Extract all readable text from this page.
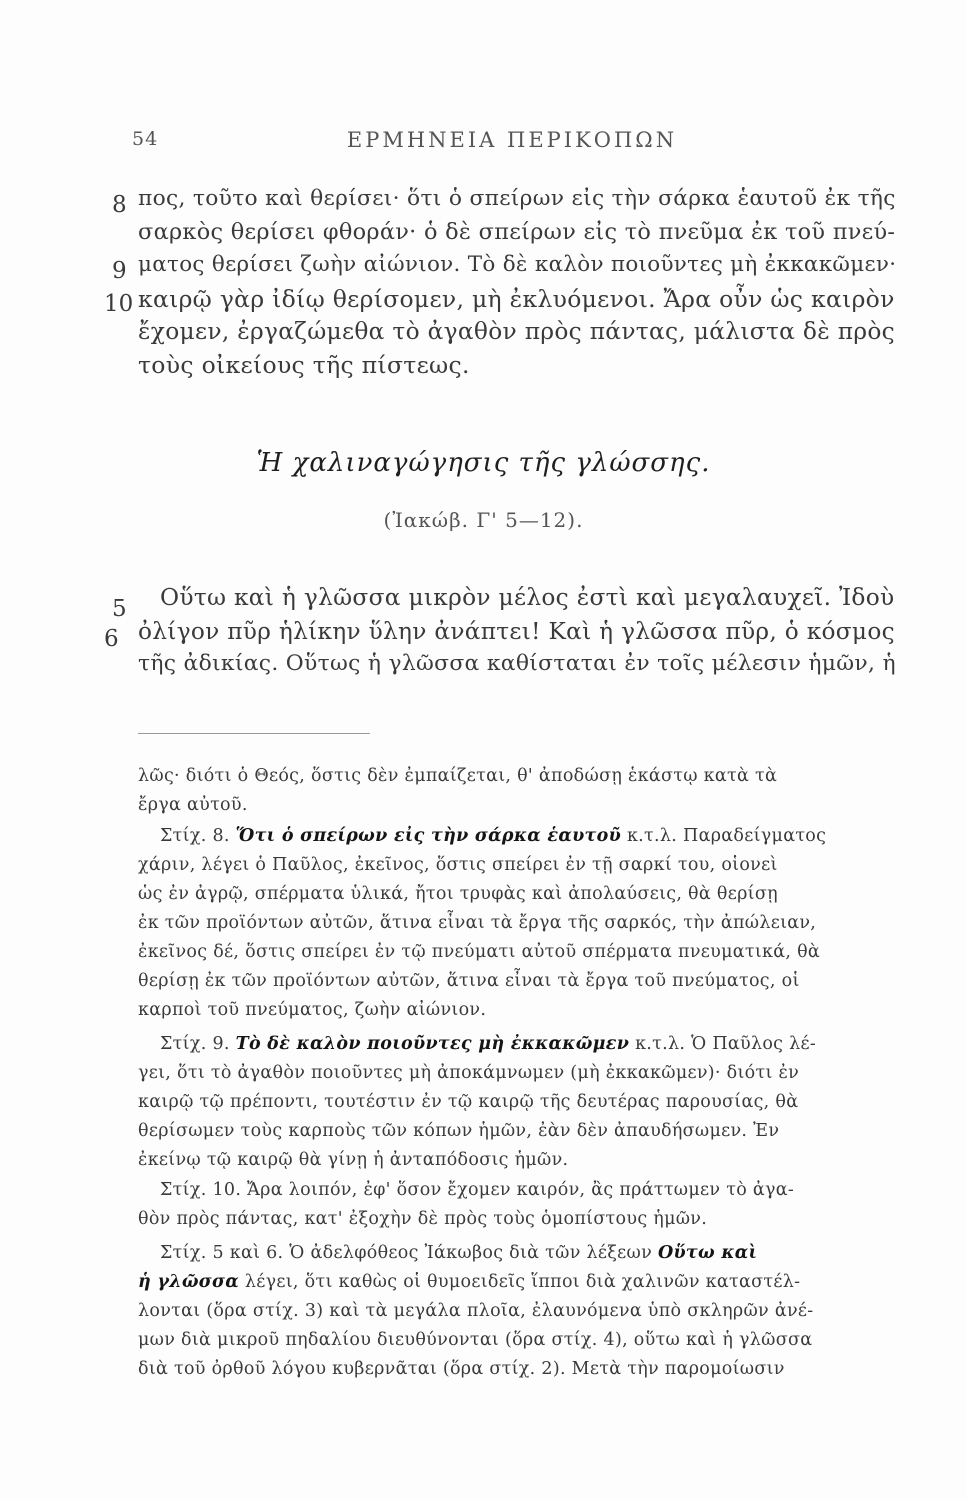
54	ΕΡΜΗΝΕΙΑ ΠΕΡΙΚΟΠΩΝ
8
9
10
πος, τοῦτο καὶ θερίσει· ὅτι ὁ σπείρων εἰς τὴν σάρκα ἑαυτοῦ ἐκ τῆς
σαρκὸς θερίσει φθοράν· ὁ δὲ σπείρων εἰς τὸ πνεῦμα ἐκ τοῦ πνεύ-
ματος θερίσει ζωὴν αἰώνιον. Τὸ δὲ καλὸν ποιοῦντες μὴ ἐκκακῶμεν·
καιρῷ γὰρ ἰδίῳ θερίσομεν, μὴ ἐκλυόμενοι. Ἄρα οὖν ὡς καιρὸν
ἔχομεν, ἐργαζώμεθα τὸ ἀγαθὸν πρὸς πάντας, μάλιστα δὲ πρὸς
τοὺς οἰκείους τῆς πίστεως.
Ἡ χαλιναγώγησις τῆς γλώσσης.
(Ἰακώβ. Γ' 5—12).
5
6
Οὕτω καὶ ἡ γλῶσσα μικρὸν μέλος ἐστὶ καὶ μεγαλαυχεῖ. Ἰδοὺ
ὀλίγον πῦρ ἡλίκην ὕλην ἀνάπτει! Καὶ ἡ γλῶσσα πῦρ, ὁ κόσμος
τῆς ἀδικίας. Οὕτως ἡ γλῶσσα καθίσταται ἐν τοῖς μέλεσιν ἡμῶν, ἡ
λῶς· διότι ὁ Θεός, ὅστις δὲν ἐμπαίζεται, θ' ἀποδώσῃ ἑκάστῳ κατὰ τὰ
ἔργα αὐτοῦ.
Στίχ. 8. Ὅτι ὁ σπείρων εἰς τὴν σάρκα ἑαυτοῦ κ.τ.λ. Παραδείγματος
χάριν, λέγει ὁ Παῦλος, ἐκεῖνος, ὅστις σπείρει ἐν τῇ σαρκί του, οἱονεὶ
ὡς ἐν ἀγρῷ, σπέρματα ὑλικά, ἤτοι τρυφὰς καὶ ἀπολαύσεις, θὰ θερίσῃ
ἐκ τῶν προϊόντων αὐτῶν, ἅτινα εἶναι τὰ ἔργα τῆς σαρκός, τὴν ἀπώλειαν,
ἐκεῖνος δέ, ὅστις σπείρει ἐν τῷ πνεύματι αὐτοῦ σπέρματα πνευματικά, θὰ
θερίσῃ ἐκ τῶν προϊόντων αὐτῶν, ἅτινα εἶναι τὰ ἔργα τοῦ πνεύματος, οἱ
καρποὶ τοῦ πνεύματος, ζωὴν αἰώνιον.
Στίχ. 9. Τὸ δὲ καλὸν ποιοῦντες μὴ ἐκκακῶμεν κ.τ.λ. Ὁ Παῦλος λέ-
γει, ὅτι τὸ ἀγαθὸν ποιοῦντες μὴ ἀποκάμνωμεν (μὴ ἐκκακῶμεν)· διότι ἐν
καιρῷ τῷ πρέποντι, τουτέστιν ἐν τῷ καιρῷ τῆς δευτέρας παρουσίας, θὰ
θερίσωμεν τοὺς καρποὺς τῶν κόπων ἡμῶν, ἐὰν δὲν ἀπαυδήσωμεν. Ἐν
ἐκείνῳ τῷ καιρῷ θὰ γίνῃ ἡ ἀνταπόδοσις ἡμῶν.
Στίχ. 10. Ἄρα λοιπόν, ἐφ' ὅσον ἔχομεν καιρόν, ἂς πράττωμεν τὸ ἀγα-
θὸν πρὸς πάντας, κατ' ἐξοχὴν δὲ πρὸς τοὺς ὁμοπίστους ἡμῶν.
Στίχ. 5 καὶ 6. Ὁ ἀδελφόθεος Ἰάκωβος διὰ τῶν λέξεων Οὕτω καὶ
ἡ γλῶσσα λέγει, ὅτι καθὼς οἱ θυμοειδεῖς ἵπποι διὰ χαλινῶν καταστέλ-
λονται (ὅρα στίχ. 3) καὶ τὰ μεγάλα πλοῖα, ἐλαυνόμενα ὑπὸ σκληρῶν ἀνέ-
μων διὰ μικροῦ πηδαλίου διευθύνονται (ὅρα στίχ. 4), οὕτω καὶ ἡ γλῶσσα
διὰ τοῦ ὀρθοῦ λόγου κυβερνᾶται (ὅρα στίχ. 2). Μετὰ τὴν παρομοίωσιν
